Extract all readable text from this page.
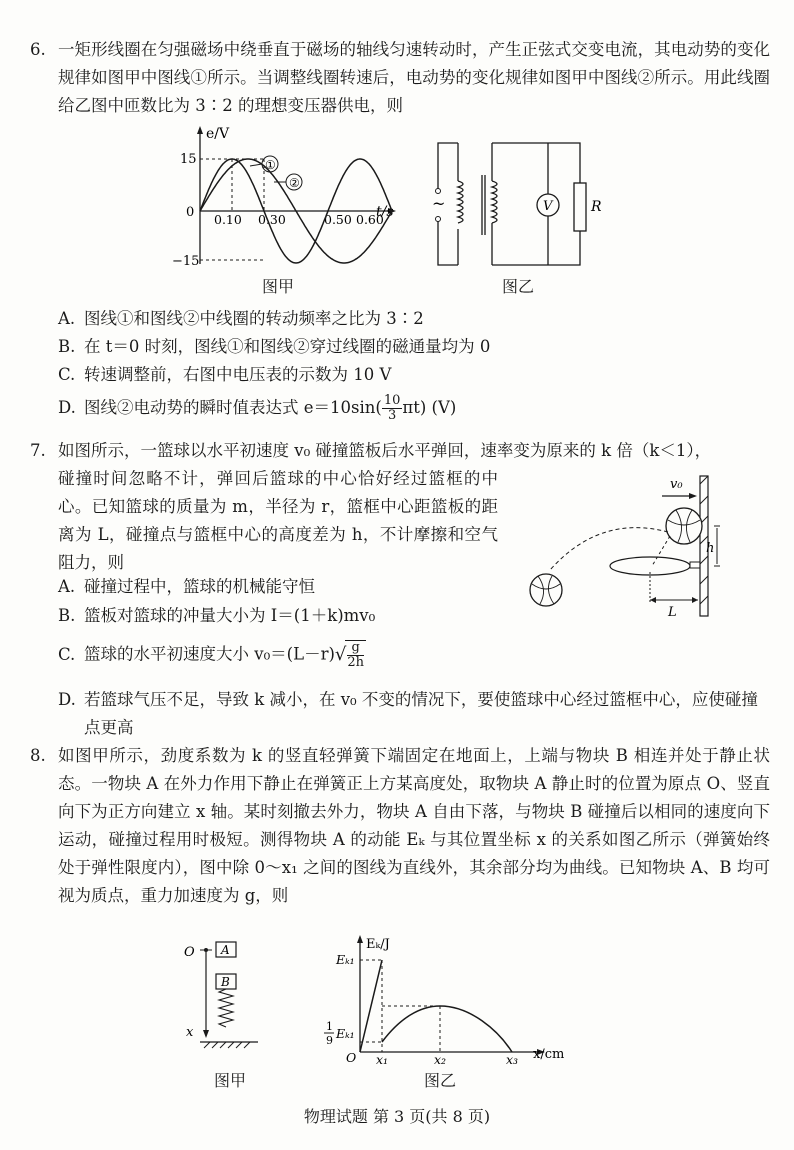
6. 一矩形线圈在匀强磁场中绕垂直于磁场的轴线匀速转动时，产生正弦式交变电流，其电动势的变化规律如图甲中图线①所示。当调整线圈转速后，电动势的变化规律如图甲中图线②所示。用此线圈给乙图中匝数比为 3∶2 的理想变压器供电，则
e/V
t/s
15
0
−15
0.10 0.30	0.50 0.60
①
②
图甲
~	V	R
图乙
A. 图线①和图线②中线圈的转动频率之比为 3∶2
B. 在 t＝0 时刻，图线①和图线②穿过线圈的磁通量均为 0
C. 转速调整前，右图中电压表的示数为 10 V
D. 图线②电动势的瞬时值表达式 $e=10\sin( \frac{10}{3} \pi t)$ (V)
7. 如图所示，一篮球以水平初速度 v₀ 碰撞篮板后水平弹回，速率变为原来的 k 倍（k＜1），
碰撞时间忽略不计，弹回后篮球的中心恰好经过篮框的中心。已知篮球的质量为 m，半径为 r，篮框中心距篮板的距离为 L，碰撞点与篮框中心的高度差为 h，不计摩擦和空气阻力，则
v₀
h
L
A. 碰撞过程中，篮球的机械能守恒
B. 篮板对篮球的冲量大小为 I＝(1＋k)mv₀
C. 篮球的水平初速度大小 $v_0=(L-r)√ \frac{g}{2h}$
D. 若篮球气压不足，导致 k 减小，在 v₀ 不变的情况下，要使篮球中心经过篮框中心，应使碰撞点更高
8. 如图甲所示，劲度系数为 k 的竖直轻弹簧下端固定在地面上，上端与物块 B 相连并处于静止状态。一物块 A 在外力作用下静止在弹簧正上方某高度处，取物块 A 静止时的位置为原点 O、竖直向下为正方向建立 x 轴。某时刻撤去外力，物块 A 自由下落，与物块 B 碰撞后以相同的速度向下运动，碰撞过程用时极短。测得物块 A 的动能 Eₖ 与其位置坐标 x 的关系如图乙所示（弹簧始终处于弹性限度内），图中除 0～x₁ 之间的图线为直线外，其余部分均为曲线。已知物块 A、B 均可视为质点，重力加速度为 g，则
O
x
A
B
图甲
Eₖ/J
x/cm
Eₖ₁
1
9 Eₖ₁
O x₁	x₂	x₃
图乙
物理试题 第 3 页(共 8 页)
